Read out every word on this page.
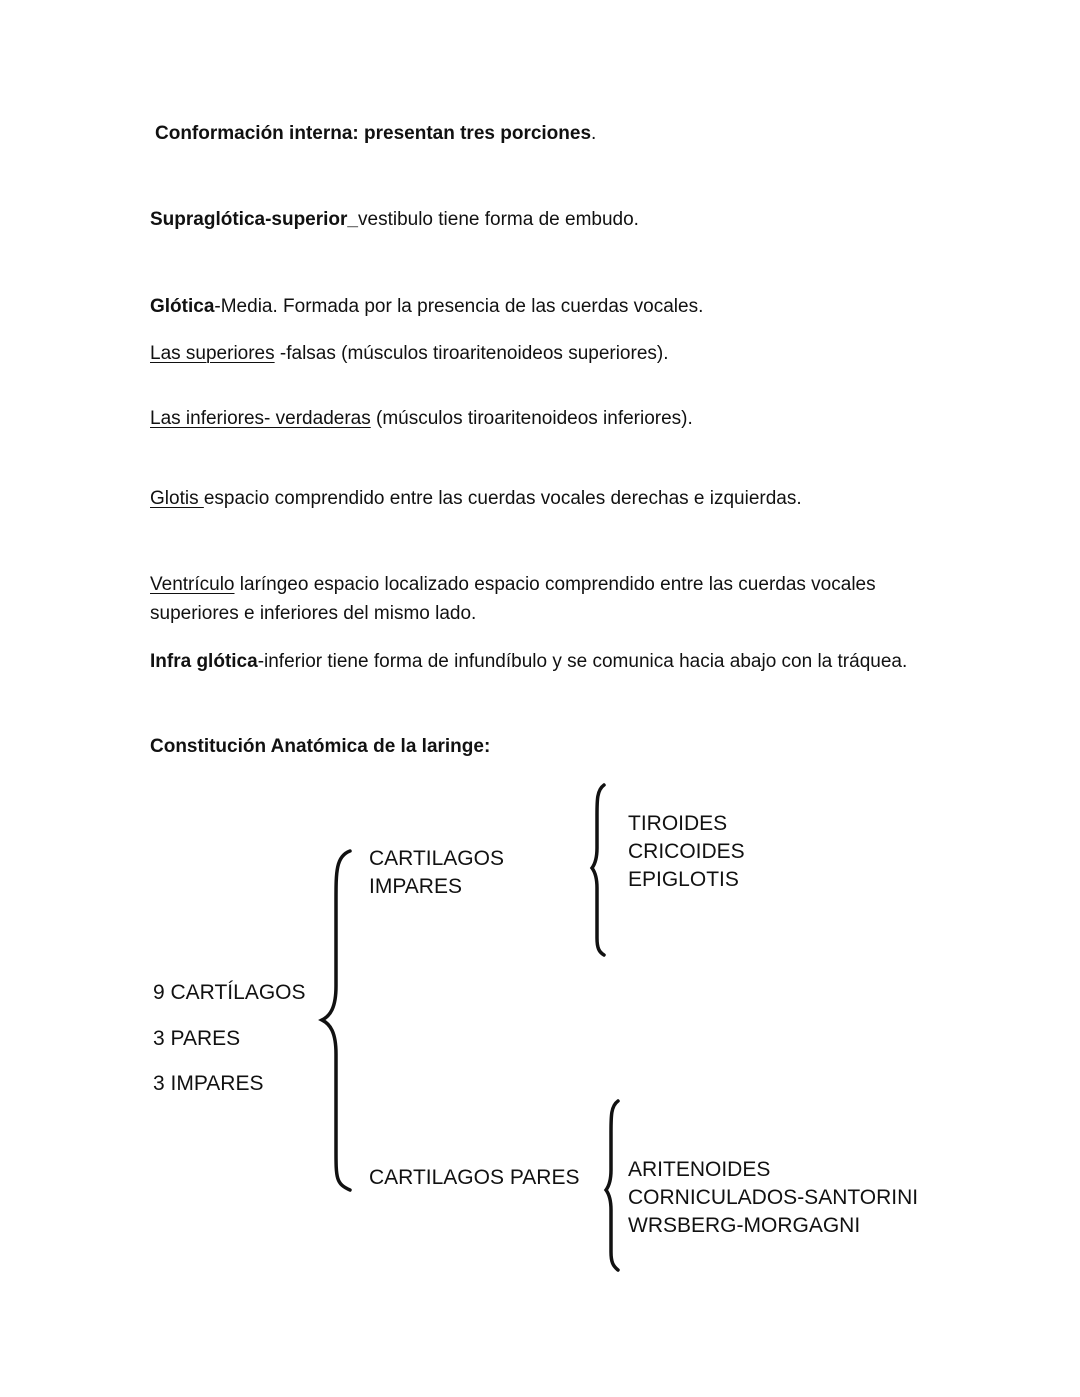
Conformación interna: presentan tres porciones.
Supraglótica-superior_vestibulo tiene forma de embudo.
Glótica-Media. Formada por la presencia de las cuerdas vocales.
Las superiores -falsas (músculos tiroaritenoideos superiores).
Las inferiores- verdaderas (músculos tiroaritenoideos inferiores).
Glotis espacio comprendido entre las cuerdas vocales derechas e izquierdas.
Ventrículo laríngeo espacio localizado espacio comprendido entre las cuerdas vocales
superiores e inferiores del mismo lado.
Infra glótica-inferior tiene forma de infundíbulo y se comunica hacia abajo con la tráquea.
Constitución Anatómica de la laringe:
9 CARTÍLAGOS
3 PARES
3 IMPARES
CARTILAGOS
IMPARES
TIROIDES
CRICOIDES
EPIGLOTIS
CARTILAGOS PARES ARITENOIDES
CORNICULADOS-SANTORINI
WRSBERG-MORGAGNI
